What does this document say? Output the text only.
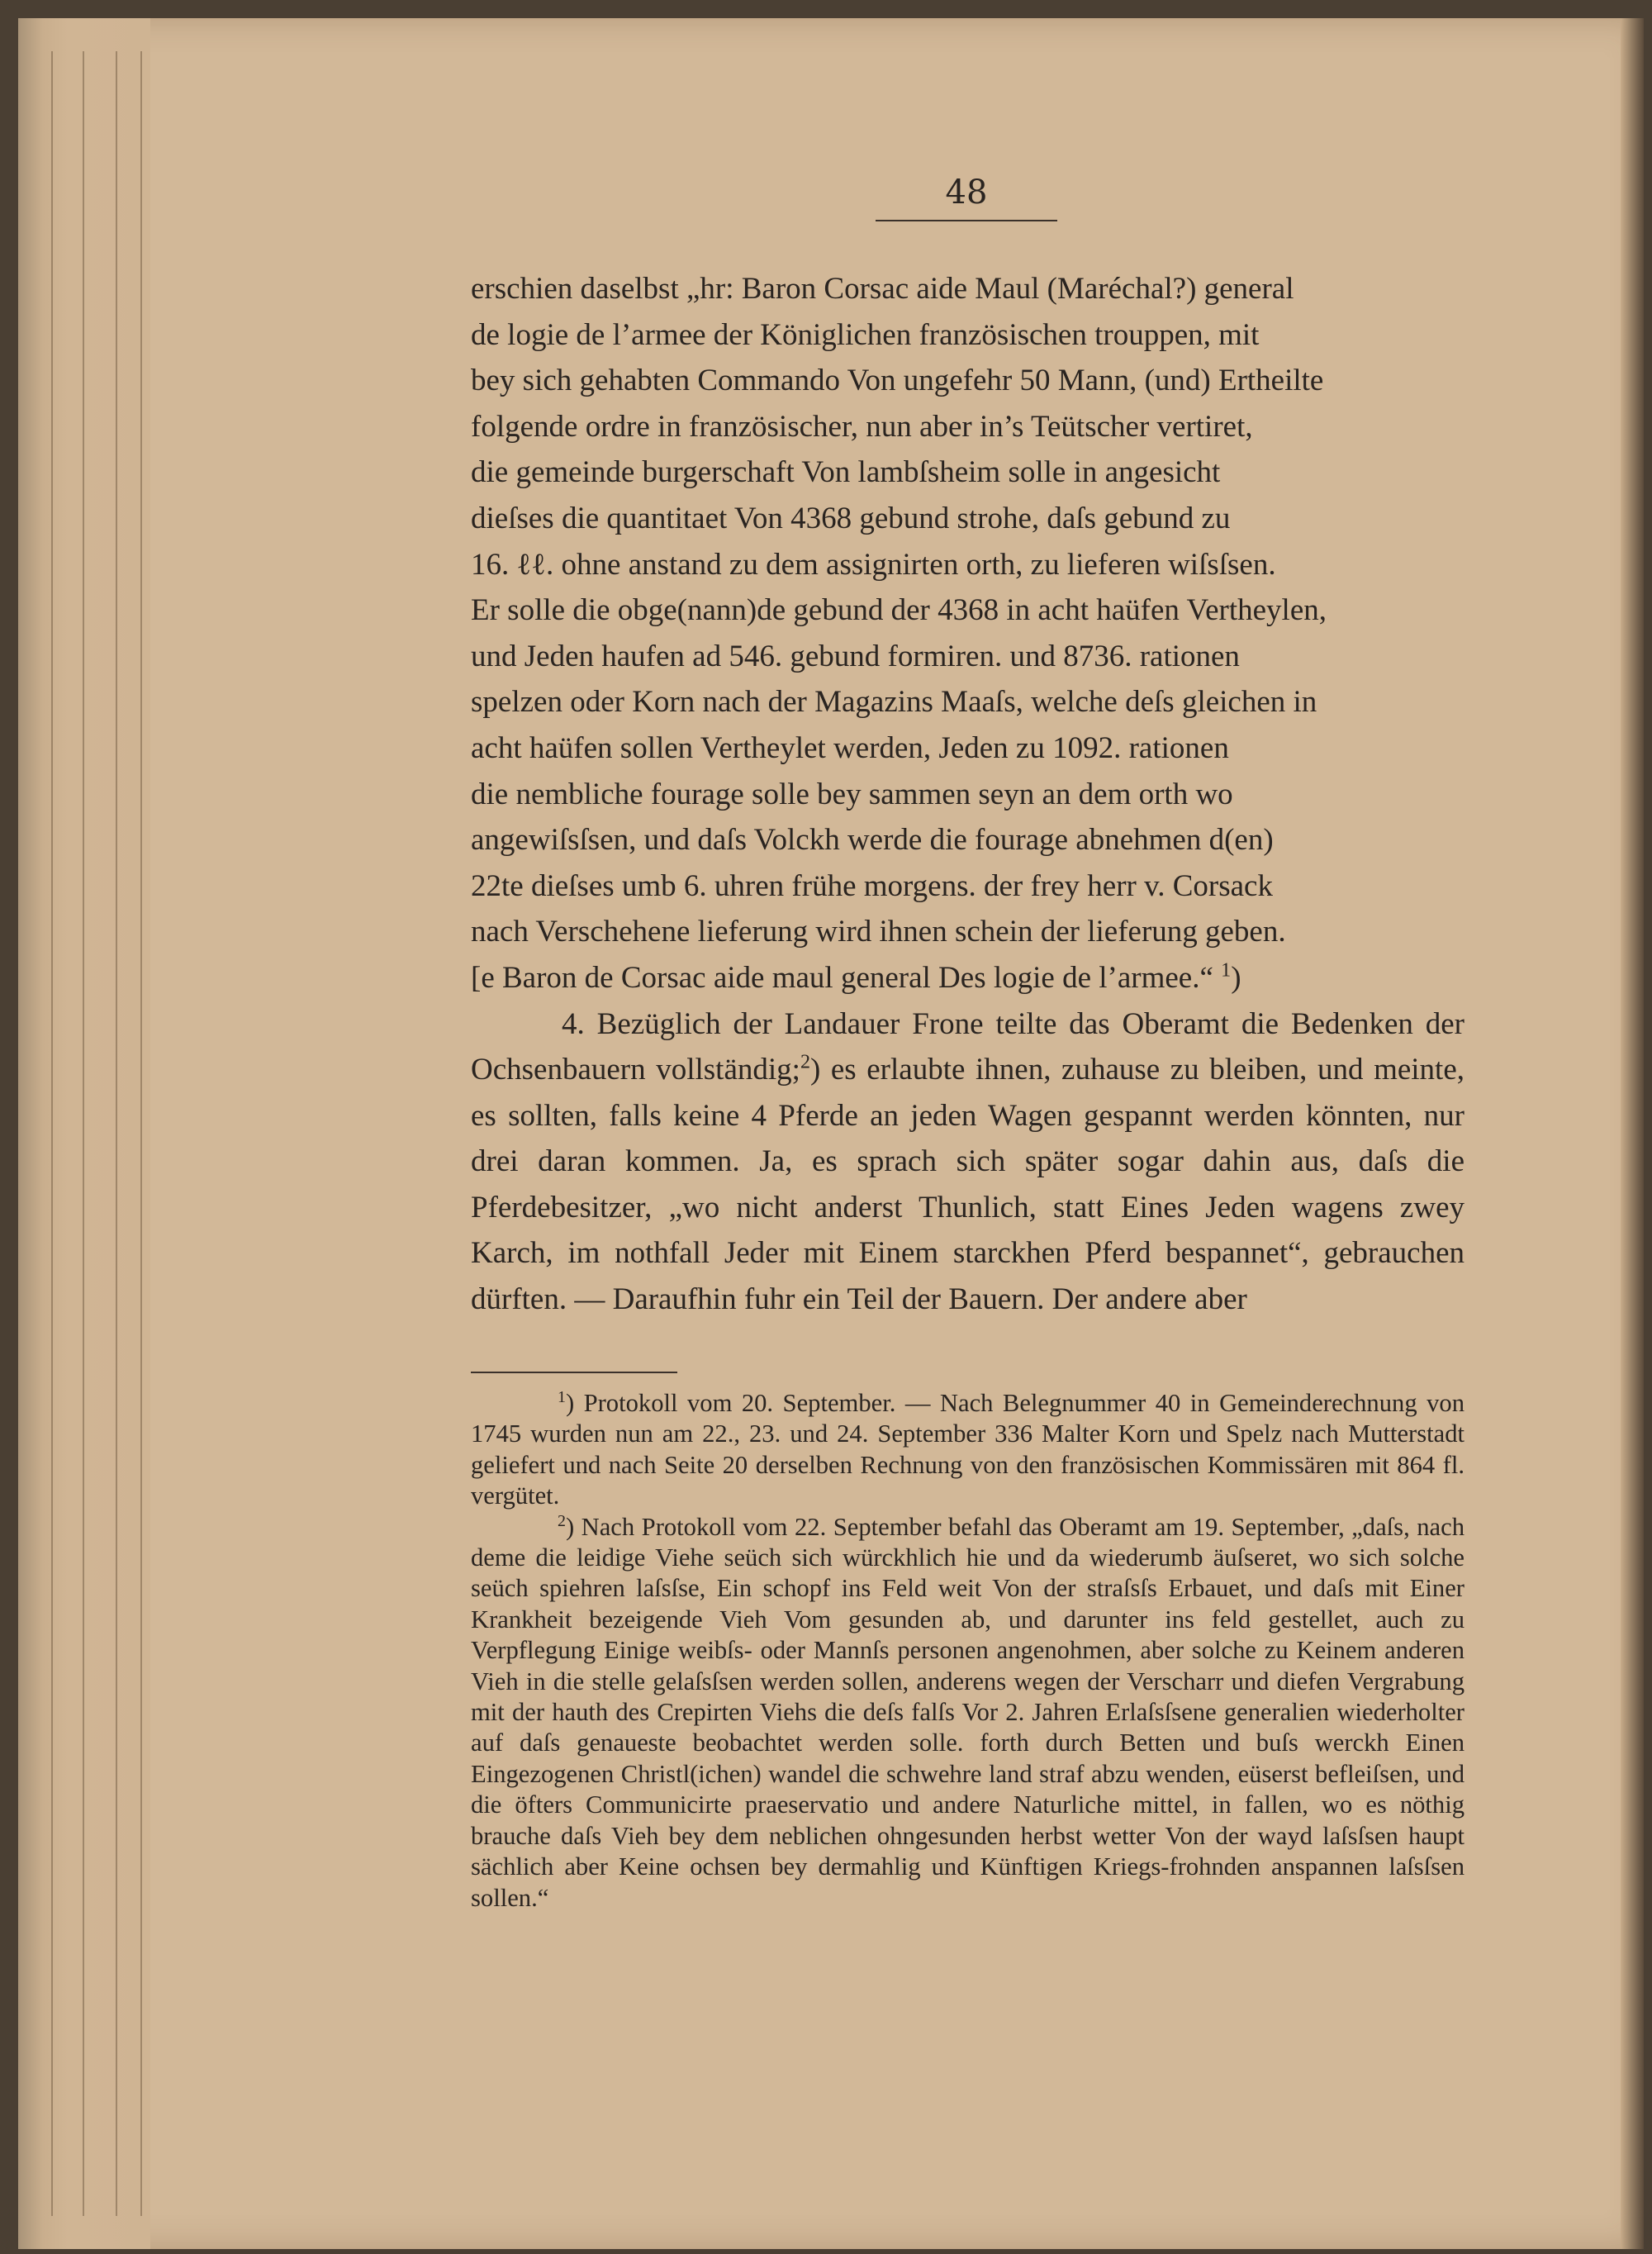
48

erschien daselbst „hr: Baron Corsac aide Maul (Maréchal?) general

de logie de l’armee der Königlichen französischen trouppen, mit

bey sich gehabten Commando Von ungefehr 50 Mann, (und) Ertheilte

folgende ordre in französischer, nun aber in’s Teütscher vertiret,

die gemeinde burgerschaft Von lambſsheim solle in angesicht

dieſses die quantitaet Von 4368 gebund strohe, daſs gebund zu

16. ℓℓ. ohne anstand zu dem assignirten orth, zu lieferen wiſsſsen.

Er solle die obge(nann)de gebund der 4368 in acht haüfen Vertheylen,

und Jeden haufen ad 546. gebund formiren. und 8736. rationen

spelzen oder Korn nach der Magazins Maaſs, welche deſs gleichen in

acht haüfen sollen Vertheylet werden, Jeden zu 1092. rationen

die nembliche fourage solle bey sammen seyn an dem orth wo

angewiſsſsen, und daſs Volckh werde die fourage abnehmen d(en)

22te dieſses umb 6. uhren frühe morgens. der frey herr v. Corsack

nach Verschehene lieferung wird ihnen schein der lieferung geben.

[e Baron de Corsac aide maul general Des logie de l’armee.“ $^1$)

4. Bezüglich der Landauer Frone teilte das Oberamt die Bedenken der Ochsenbauern vollständig;$^2$) es erlaubte ihnen, zuhause zu bleiben, und meinte, es sollten, falls keine 4 Pferde an jeden Wagen gespannt werden könnten, nur drei daran kommen. Ja, es sprach sich später sogar dahin aus, daſs die Pferdebesitzer, „wo nicht anderst Thunlich, statt Eines Jeden wagens zwey Karch, im nothfall Jeder mit Einem starckhen Pferd bespannet“, gebrauchen dürften. — Daraufhin fuhr ein Teil der Bauern. Der andere aber

$^1$) Protokoll vom 20. September. — Nach Belegnummer 40 in Gemeinderechnung von 1745 wurden nun am 22., 23. und 24. September 336 Malter Korn und Spelz nach Mutterstadt geliefert und nach Seite 20 derselben Rechnung von den französischen Kommissären mit 864 fl. vergütet.

$^2$) Nach Protokoll vom 22. September befahl das Oberamt am 19. September, „daſs, nach deme die leidige Viehe seüch sich würckhlich hie und da wiederumb äuſseret, wo sich solche seüch spiehren laſsſse, Ein schopf ins Feld weit Von der straſsſs Erbauet, und daſs mit Einer Krankheit bezeigende Vieh Vom gesunden ab, und darunter ins feld gestellet, auch zu Verpflegung Einige weibſs- oder Mannſs personen angenohmen, aber solche zu Keinem anderen Vieh in die stelle gelaſsſsen werden sollen, anderens wegen der Verscharr und diefen Vergrabung mit der hauth des Crepirten Viehs die deſs falſs Vor 2. Jahren Erlaſsſsene generalien wiederholter auf daſs genaueste beobachtet werden solle. forth durch Betten und buſs werckh Einen Eingezogenen Christl(ichen) wandel die schwehre land straf abzu wenden, eüserst befleiſsen, und die öfters Communicirte praeservatio und andere Naturliche mittel, in fallen, wo es nöthig brauche daſs Vieh bey dem neblichen ohngesunden herbst wetter Von der wayd laſsſsen haupt sächlich aber Keine ochsen bey dermahlig und Künftigen Kriegs-frohnden anspannen laſsſsen sollen.“
